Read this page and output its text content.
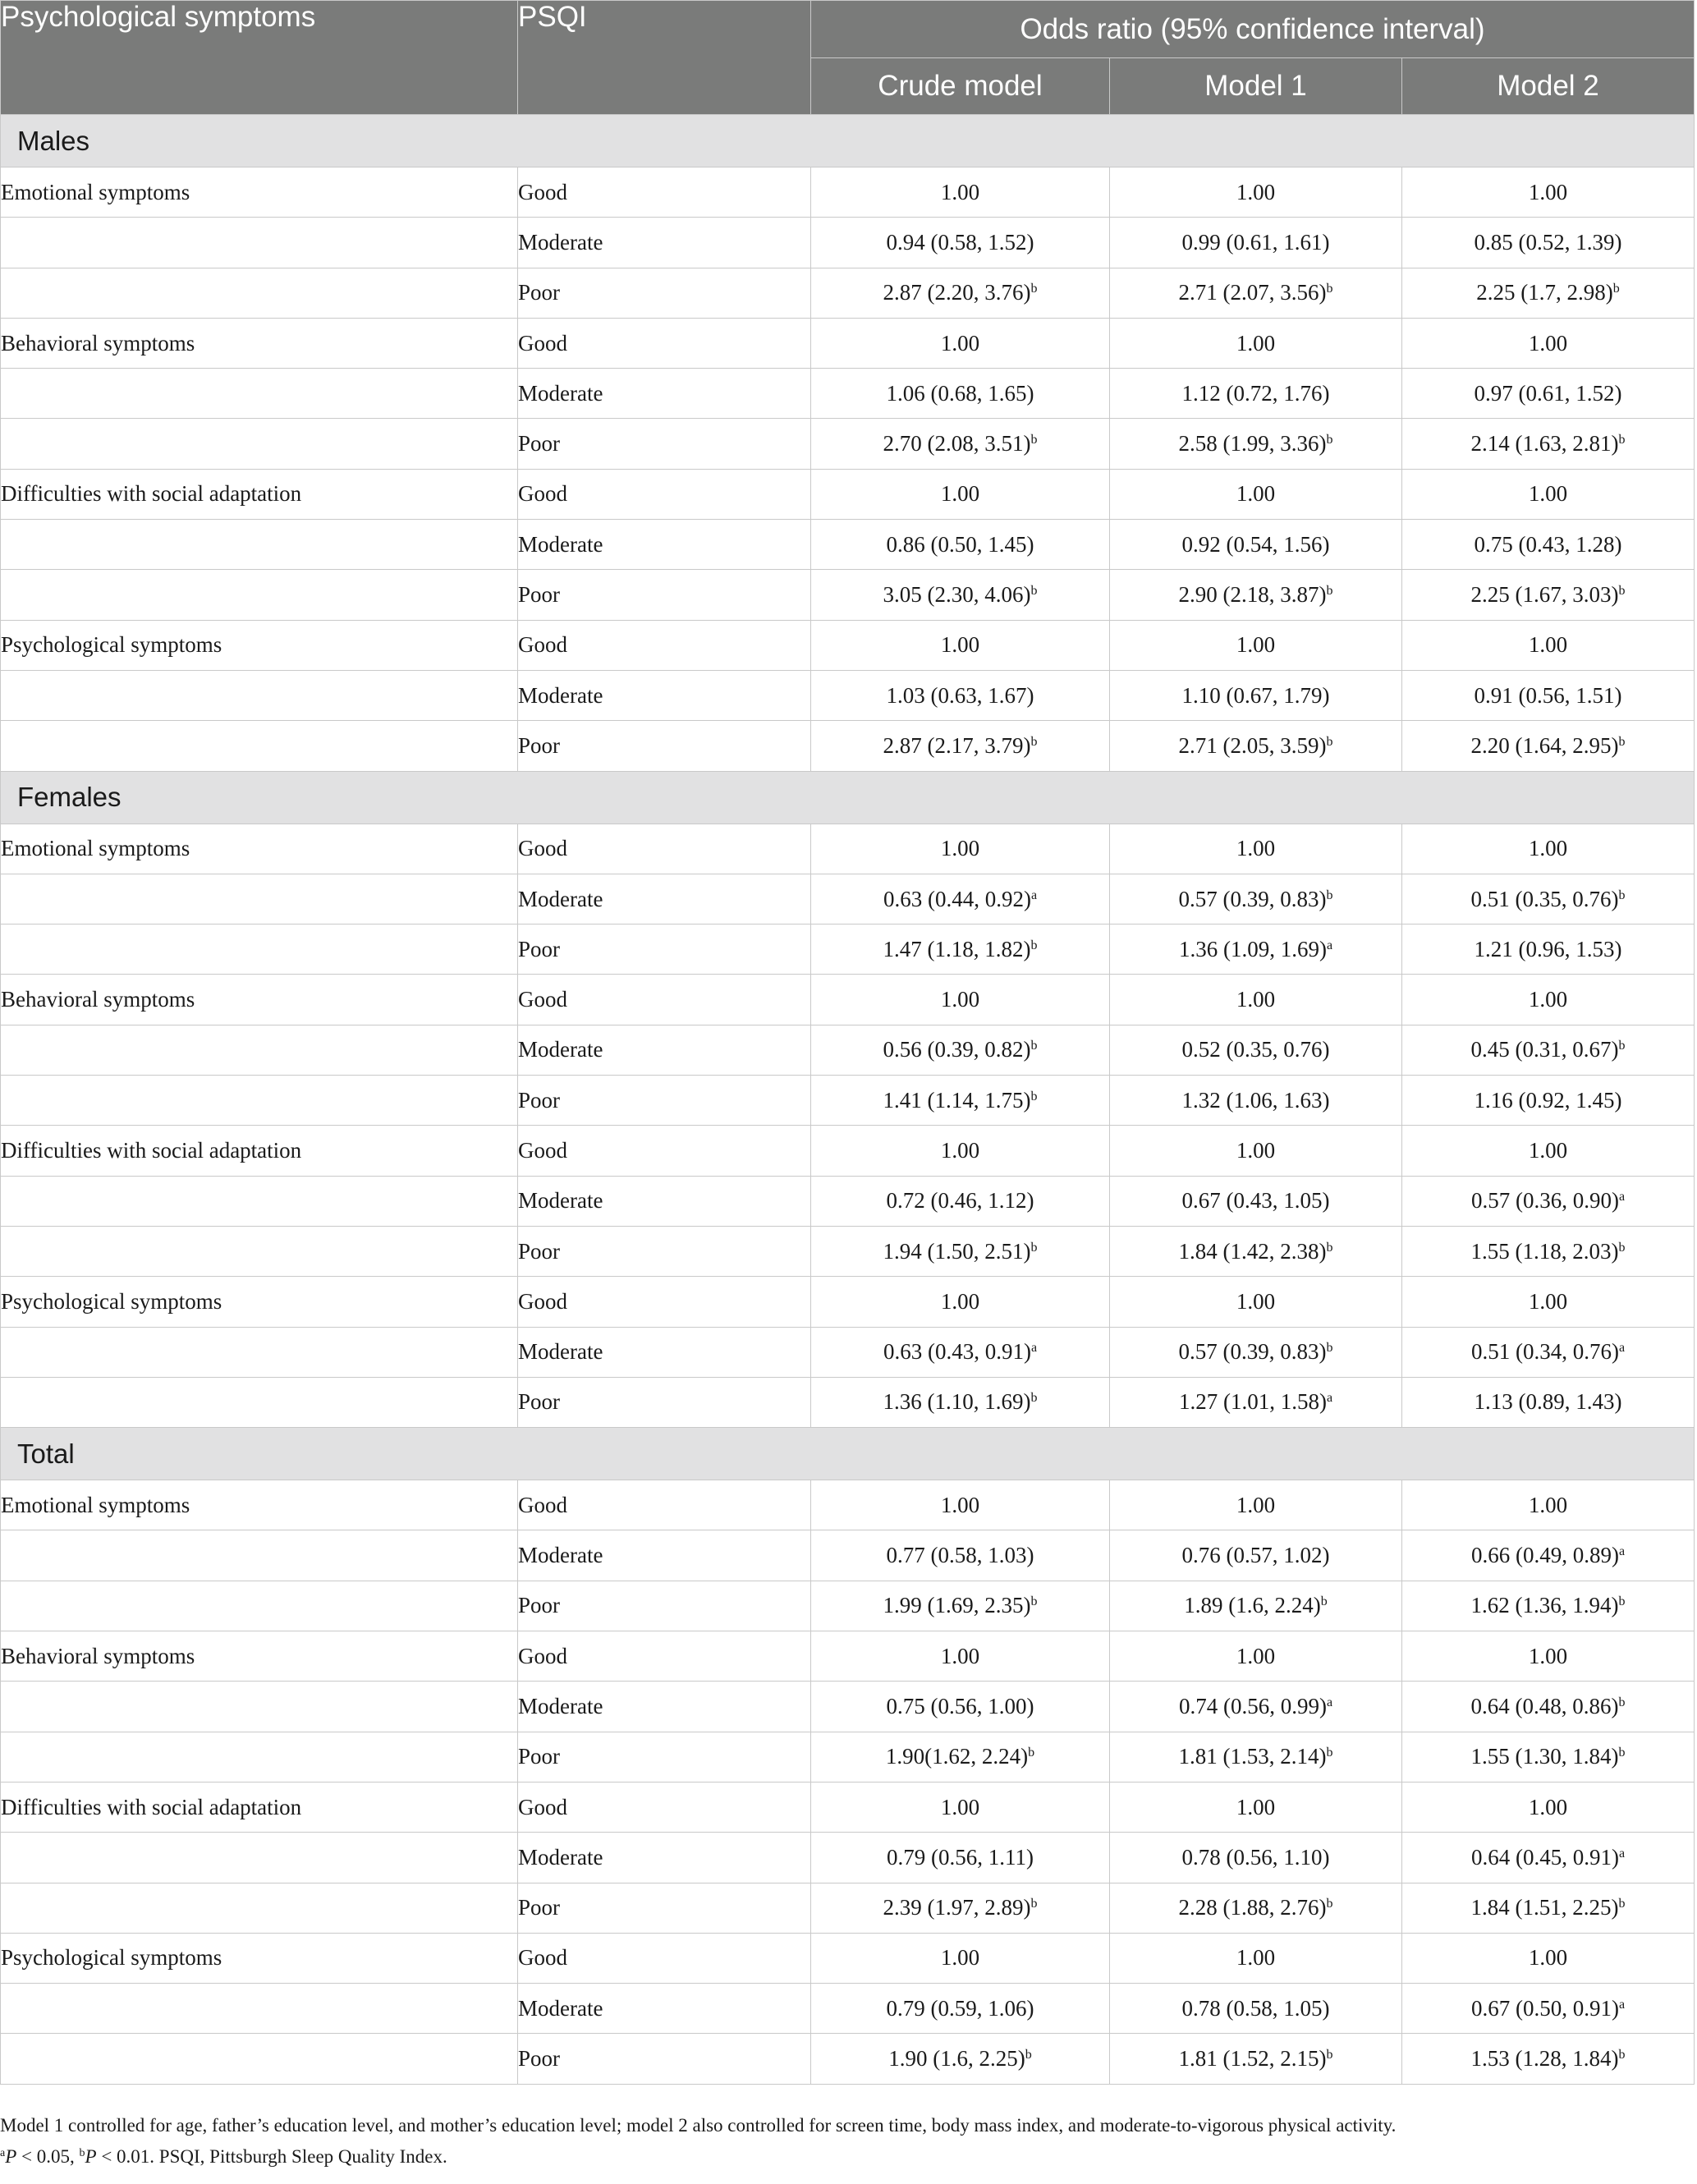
Psychological symptoms	PSQI	Odds ratio (95% confidence interval)		
		Crude model	Model 1	Model 2
Males				
Emotional symptoms	Good	1.00	1.00	1.00
	Moderate	0.94 (0.58, 1.52)	0.99 (0.61, 1.61)	0.85 (0.52, 1.39)
	Poor	2.87 (2.20, 3.76)$^b$	2.71 (2.07, 3.56)$^b$	2.25 (1.7, 2.98)$^b$
Behavioral symptoms	Good	1.00	1.00	1.00
	Moderate	1.06 (0.68, 1.65)	1.12 (0.72, 1.76)	0.97 (0.61, 1.52)
	Poor	2.70 (2.08, 3.51)$^b$	2.58 (1.99, 3.36)$^b$	2.14 (1.63, 2.81)$^b$
Difficulties with social adaptation	Good	1.00	1.00	1.00
	Moderate	0.86 (0.50, 1.45)	0.92 (0.54, 1.56)	0.75 (0.43, 1.28)
	Poor	3.05 (2.30, 4.06)$^b$	2.90 (2.18, 3.87)$^b$	2.25 (1.67, 3.03)$^b$
Psychological symptoms	Good	1.00	1.00	1.00
	Moderate	1.03 (0.63, 1.67)	1.10 (0.67, 1.79)	0.91 (0.56, 1.51)
	Poor	2.87 (2.17, 3.79)$^b$	2.71 (2.05, 3.59)$^b$	2.20 (1.64, 2.95)$^b$
Females				
Emotional symptoms	Good	1.00	1.00	1.00
	Moderate	0.63 (0.44, 0.92)$^a$	0.57 (0.39, 0.83)$^b$	0.51 (0.35, 0.76)$^b$
	Poor	1.47 (1.18, 1.82)$^b$	1.36 (1.09, 1.69)$^a$	1.21 (0.96, 1.53)
Behavioral symptoms	Good	1.00	1.00	1.00
	Moderate	0.56 (0.39, 0.82)$^b$	0.52 (0.35, 0.76)	0.45 (0.31, 0.67)$^b$
	Poor	1.41 (1.14, 1.75)$^b$	1.32 (1.06, 1.63)	1.16 (0.92, 1.45)
Difficulties with social adaptation	Good	1.00	1.00	1.00
	Moderate	0.72 (0.46, 1.12)	0.67 (0.43, 1.05)	0.57 (0.36, 0.90)$^a$
	Poor	1.94 (1.50, 2.51)$^b$	1.84 (1.42, 2.38)$^b$	1.55 (1.18, 2.03)$^b$
Psychological symptoms	Good	1.00	1.00	1.00
	Moderate	0.63 (0.43, 0.91)$^a$	0.57 (0.39, 0.83)$^b$	0.51 (0.34, 0.76)$^a$
	Poor	1.36 (1.10, 1.69)$^b$	1.27 (1.01, 1.58)$^a$	1.13 (0.89, 1.43)
Total				
Emotional symptoms	Good	1.00	1.00	1.00
	Moderate	0.77 (0.58, 1.03)	0.76 (0.57, 1.02)	0.66 (0.49, 0.89)$^a$
	Poor	1.99 (1.69, 2.35)$^b$	1.89 (1.6, 2.24)$^b$	1.62 (1.36, 1.94)$^b$
Behavioral symptoms	Good	1.00	1.00	1.00
	Moderate	0.75 (0.56, 1.00)	0.74 (0.56, 0.99)$^a$	0.64 (0.48, 0.86)$^b$
	Poor	1.90(1.62, 2.24)$^b$	1.81 (1.53, 2.14)$^b$	1.55 (1.30, 1.84)$^b$
Difficulties with social adaptation	Good	1.00	1.00	1.00
	Moderate	0.79 (0.56, 1.11)	0.78 (0.56, 1.10)	0.64 (0.45, 0.91)$^a$
	Poor	2.39 (1.97, 2.89)$^b$	2.28 (1.88, 2.76)$^b$	1.84 (1.51, 2.25)$^b$
Psychological symptoms	Good	1.00	1.00	1.00
	Moderate	0.79 (0.59, 1.06)	0.78 (0.58, 1.05)	0.67 (0.50, 0.91)$^a$
	Poor	1.90 (1.6, 2.25)$^b$	1.81 (1.52, 2.15)$^b$	1.53 (1.28, 1.84)$^b$

Model 1 controlled for age, father’s education level, and mother’s education level; model 2 also controlled for screen time, body mass index, and moderate-to-vigorous physical activity.

$^a$P < 0.05, $^b$P < 0.01. PSQI, Pittsburgh Sleep Quality Index.
